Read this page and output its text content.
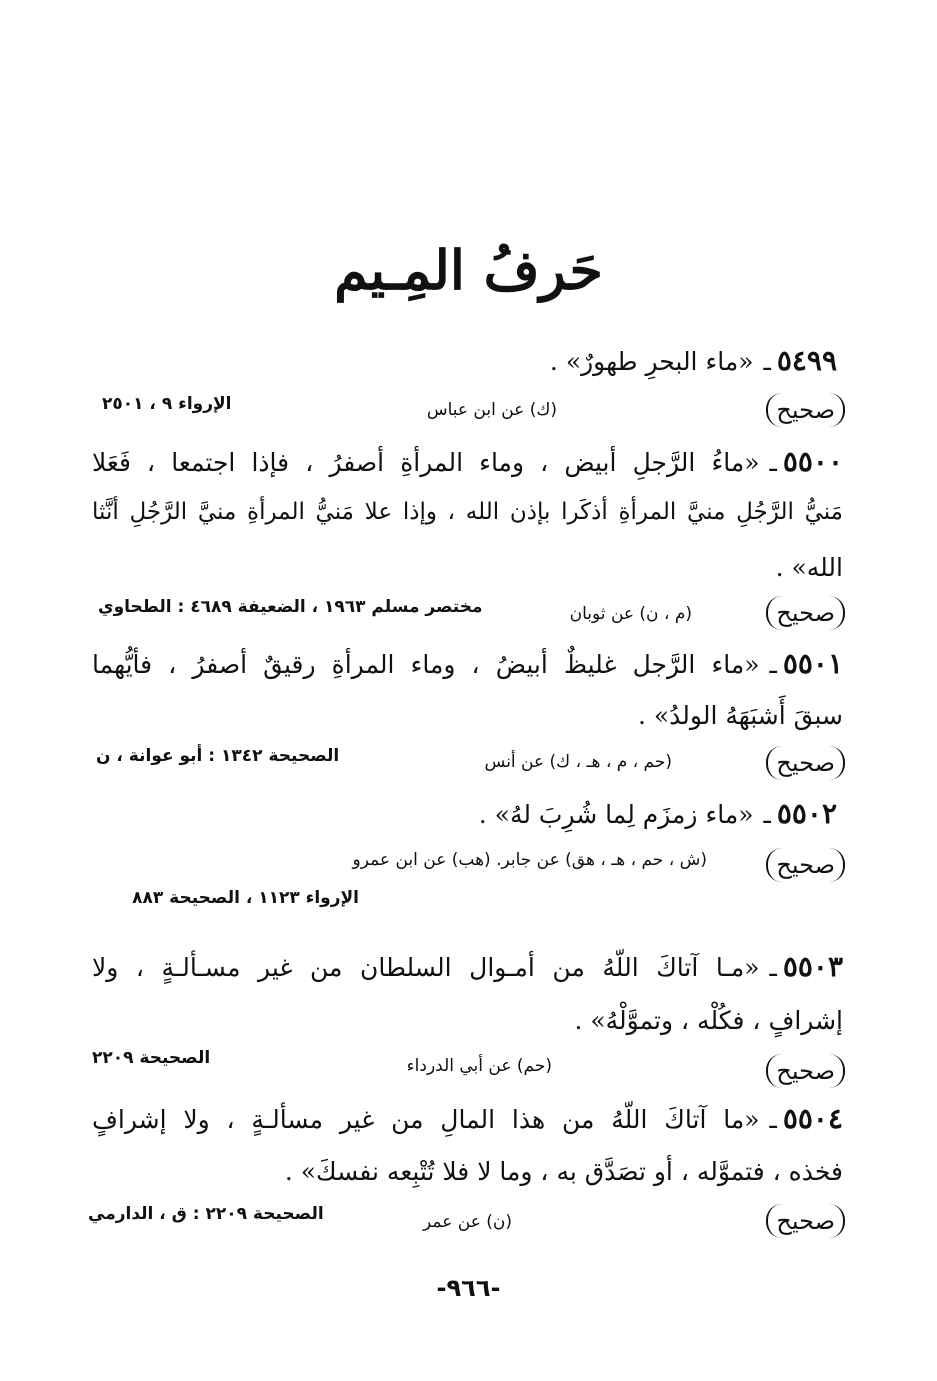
حَرفُ المِـيم
٥٤٩٩ـ«ماء البحرِ طهورٌ» .
صحيح
(ك) عن ابن عباس
الإرواء ٩ ، ٢٥٠١
٥٥٠٠ـ«ماءُ الرَّجلِ أبيض ، وماء المرأةِ أصفرُ ، فإذا اجتمعا ، فَعَلا
مَنيُّ الرَّجُلِ منيَّ المرأةِ أذكَرا بإذن الله ، وإذا علا مَنيُّ المرأةِ منيَّ الرَّجُلِ أنَّثا
الله» .
صحيح
(م ، ن) عن ثوبان
مختصر مسلم ١٩٦٣ ، الضعيفة ٤٦٨٩ : الطحاوي
٥٥٠١ـ«ماء الرَّجل غليظٌ أبيضُ ، وماء المرأةِ رقيقٌ أصفرُ ، فأيُّهما
سبقَ أَشبَهَهُ الولدُ» .
صحيح
(حم ، م ، هـ ، ك) عن أنس
الصحيحة ١٣٤٢ : أبو عوانة ، ن
٥٥٠٢ـ«ماء زمزَم لِما شُرِبَ لهُ» .
صحيح
(ش ، حم ، هـ ، هق) عن جابر. (هب) عن ابن عمرو
الإرواء ١١٢٣ ، الصحيحة ٨٨٣
٥٥٠٣ـ«مـا آتاكَ اللّهُ من أمـوال السلطان من غير مسـألـةٍ ، ولا
إشرافٍ ، فكُلْه ، وتموَّلْهُ» .
صحيح
(حم) عن أبي الدرداء
الصحيحة ٢٢٠٩
٥٥٠٤ـ«ما آتاكَ اللّهُ من هذا المالِ من غير مسألـةٍ ، ولا إشرافٍ
فخذه ، فتموَّله ، أو تصَدَّق به ، وما لا فلا تُتْبِعه نفسكَ» .
صحيح
(ن) عن عمر
الصحيحة ٢٢٠٩ : ق ، الدارمي
-٩٦٦-
